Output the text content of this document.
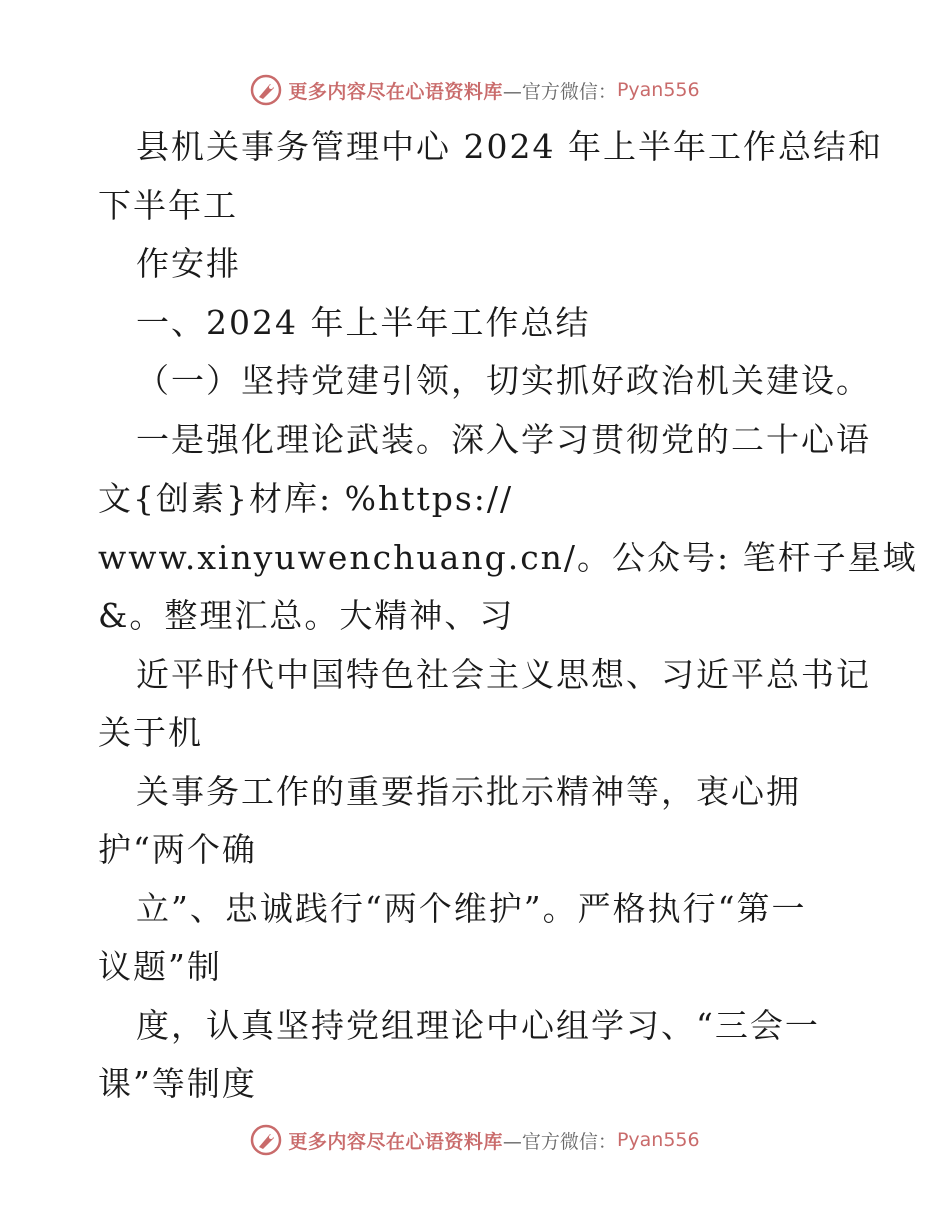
更多内容尽在心语资料库 —官方微信： Pyan556
县机关事务管理中心 2024 年上半年工作总结和
下半年工
作安排
一、2024 年上半年工作总结
（一）坚持党建引领，切实抓好政治机关建设。
一是强化理论武装。深入学习贯彻党的二十心语
文{创素}材库: %https://
www.xinyuwenchuang.cn/。公众号: 笔杆子星域
&。整理汇总。大精神、习
近平时代中国特色社会主义思想、习近平总书记
关于机
关事务工作的重要指示批示精神等，衷心拥
护“两个确
立”、忠诚践行“两个维护”。严格执行“第一
议题”制
度，认真坚持党组理论中心组学习、“三会一
课”等制度
更多内容尽在心语资料库 —官方微信： Pyan556
